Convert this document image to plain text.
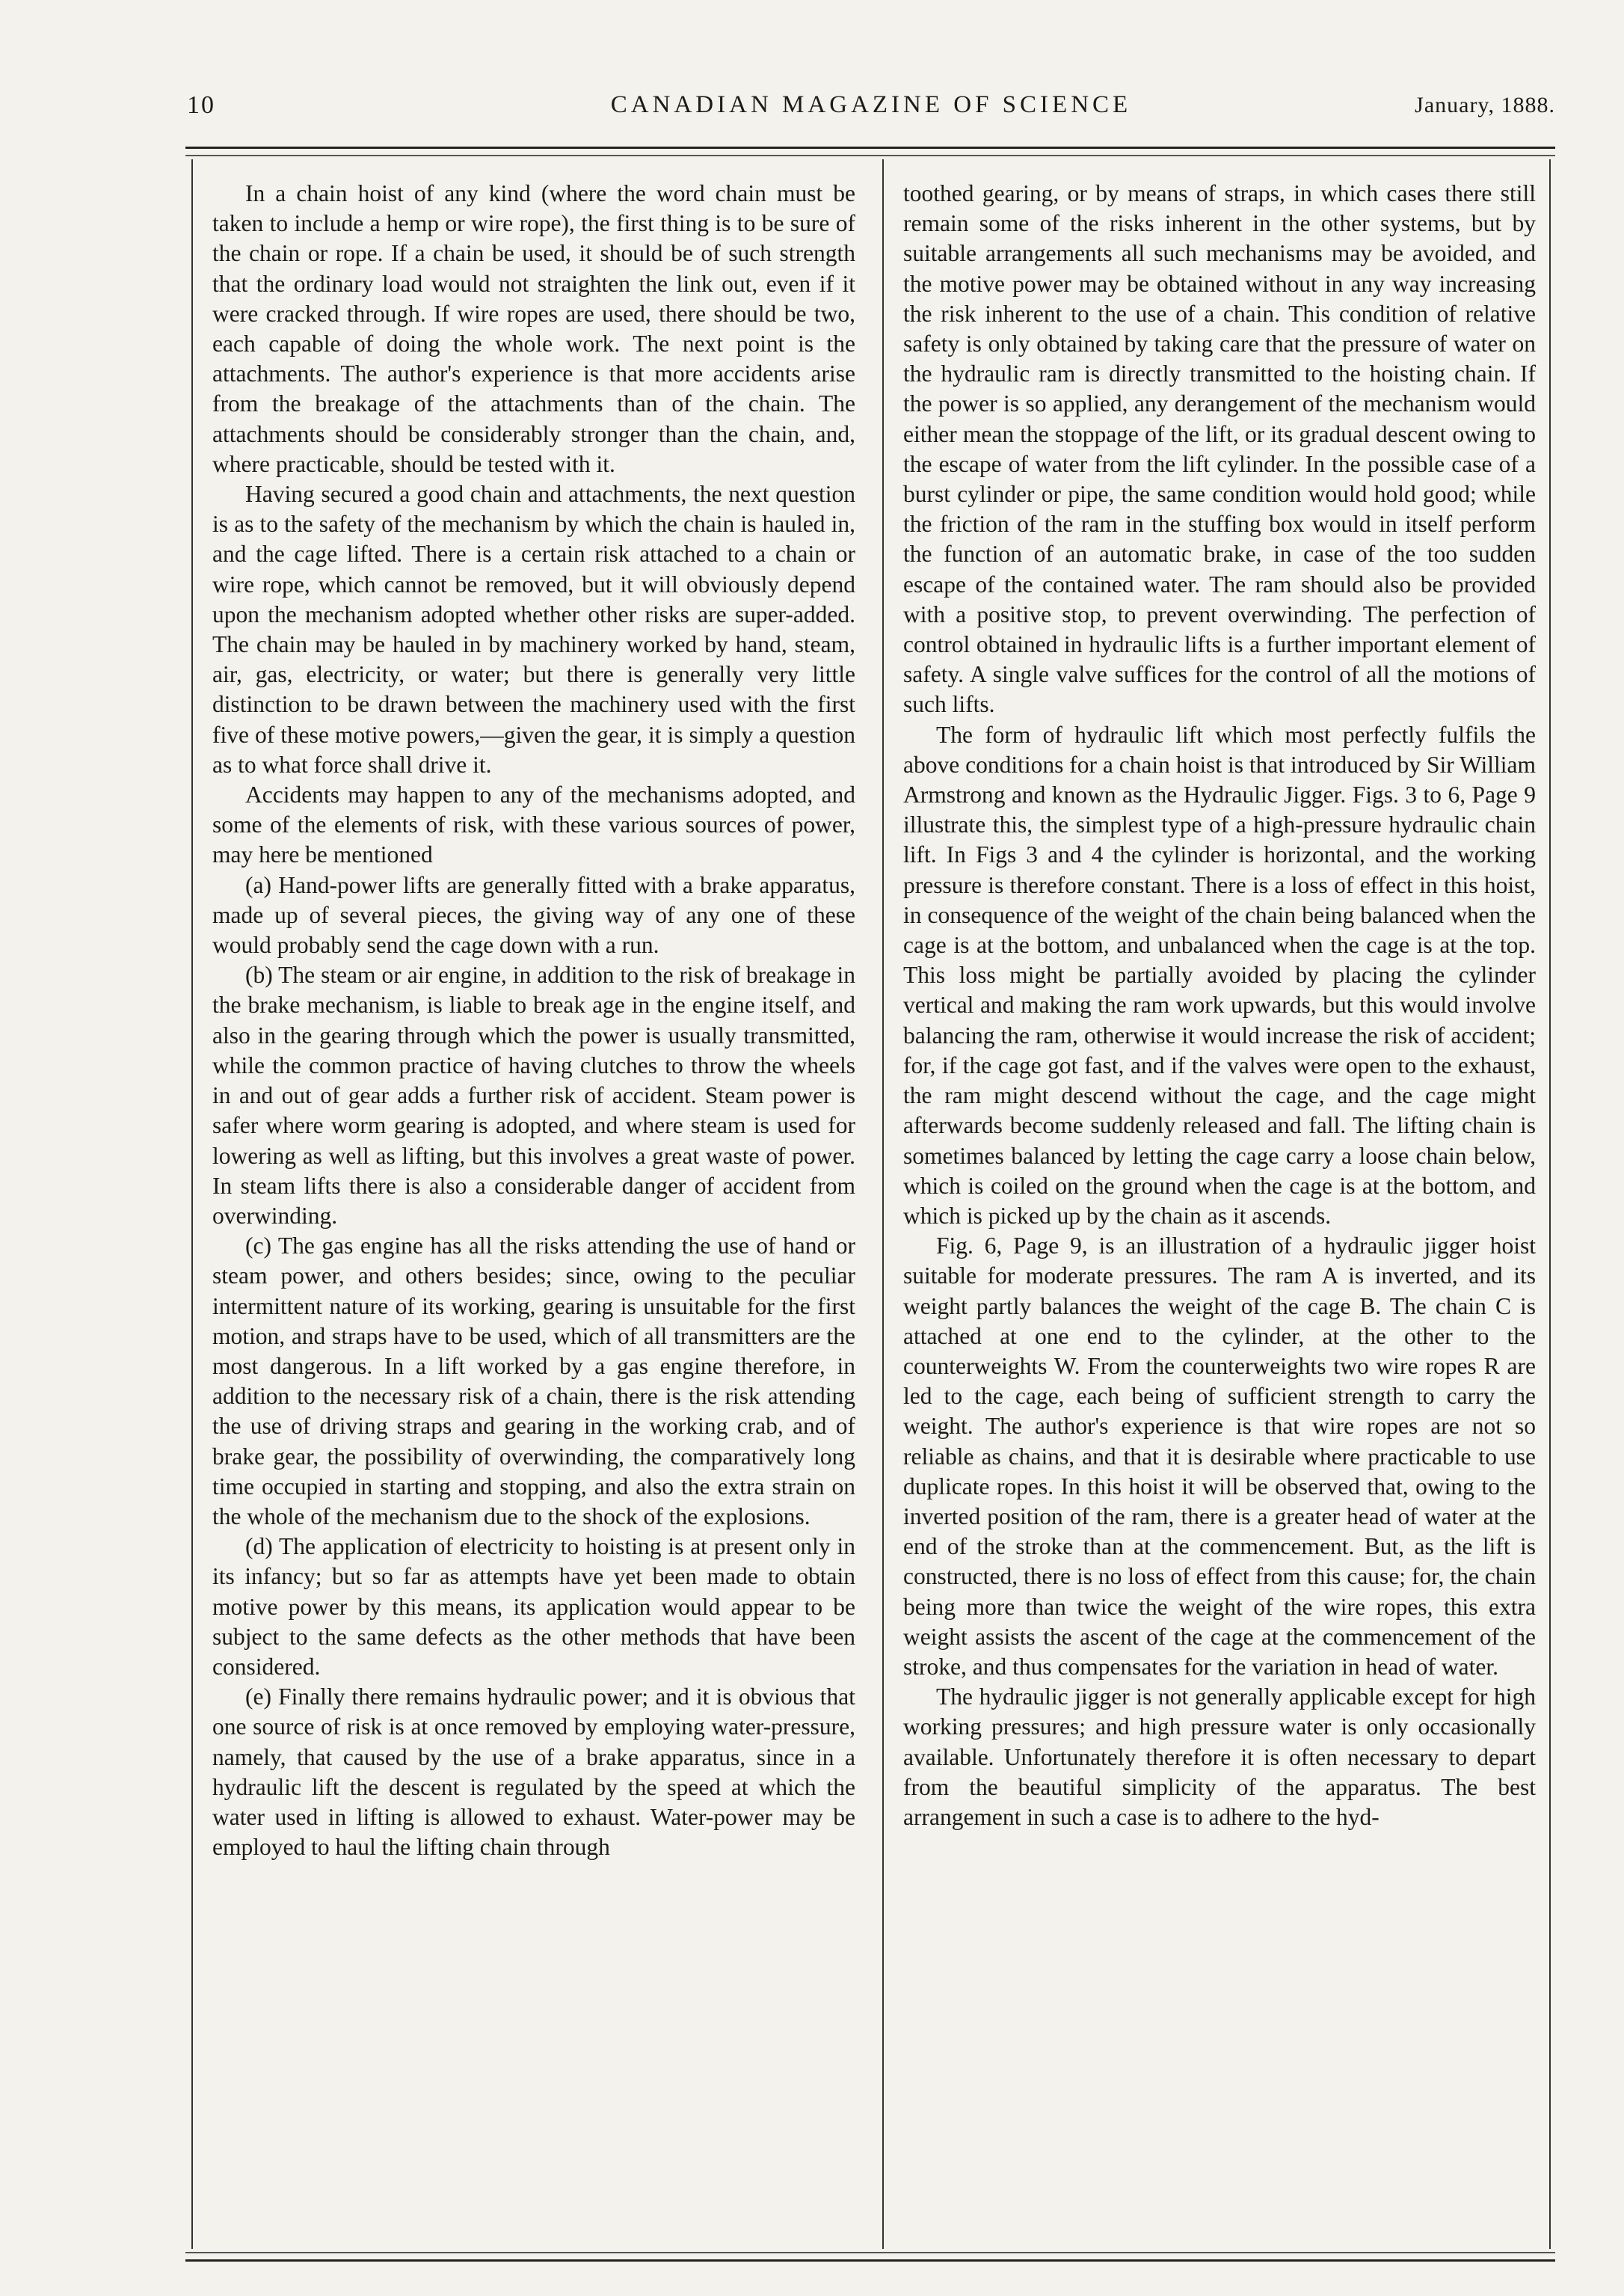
10	CANADIAN MAGAZINE OF SCIENCE	January, 1888.

In a chain hoist of any kind (where the word chain must be taken to include a hemp or wire rope), the first thing is to be sure of the chain or rope. If a chain be used, it should be of such strength that the ordinary load would not straighten the link out, even if it were cracked through. If wire ropes are used, there should be two, each capable of doing the whole work. The next point is the attachments. The author's experience is that more accidents arise from the breakage of the attachments than of the chain. The attachments should be considerably stronger than the chain, and, where practicable, should be tested with it.

Having secured a good chain and attachments, the next question is as to the safety of the mechanism by which the chain is hauled in, and the cage lifted. There is a certain risk attached to a chain or wire rope, which cannot be removed, but it will obviously depend upon the mechanism adopted whether other risks are super-added. The chain may be hauled in by machinery worked by hand, steam, air, gas, electricity, or water; but there is generally very little distinction to be drawn between the machinery used with the first five of these motive powers,—given the gear, it is simply a question as to what force shall drive it.

Accidents may happen to any of the mechanisms adopted, and some of the elements of risk, with these various sources of power, may here be mentioned

(a) Hand-power lifts are generally fitted with a brake apparatus, made up of several pieces, the giving way of any one of these would probably send the cage down with a run.

(b) The steam or air engine, in addition to the risk of breakage in the brake mechanism, is liable to break age in the engine itself, and also in the gearing through which the power is usually transmitted, while the common practice of having clutches to throw the wheels in and out of gear adds a further risk of accident. Steam power is safer where worm gearing is adopted, and where steam is used for lowering as well as lifting, but this involves a great waste of power. In steam lifts there is also a considerable danger of accident from overwinding.

(c) The gas engine has all the risks attending the use of hand or steam power, and others besides; since, owing to the peculiar intermittent nature of its working, gearing is unsuitable for the first motion, and straps have to be used, which of all transmitters are the most dangerous. In a lift worked by a gas engine therefore, in addition to the necessary risk of a chain, there is the risk attending the use of driving straps and gearing in the working crab, and of brake gear, the possibility of overwinding, the comparatively long time occupied in starting and stopping, and also the extra strain on the whole of the mechanism due to the shock of the explosions.

(d) The application of electricity to hoisting is at present only in its infancy; but so far as attempts have yet been made to obtain motive power by this means, its application would appear to be subject to the same defects as the other methods that have been considered.

(e) Finally there remains hydraulic power; and it is obvious that one source of risk is at once removed by employing water-pressure, namely, that caused by the use of a brake apparatus, since in a hydraulic lift the descent is regulated by the speed at which the water used in lifting is allowed to exhaust. Water-power may be employed to haul the lifting chain through

toothed gearing, or by means of straps, in which cases there still remain some of the risks inherent in the other systems, but by suitable arrangements all such mechanisms may be avoided, and the motive power may be obtained without in any way increasing the risk inherent to the use of a chain. This condition of relative safety is only obtained by taking care that the pressure of water on the hydraulic ram is directly transmitted to the hoisting chain. If the power is so applied, any derangement of the mechanism would either mean the stoppage of the lift, or its gradual descent owing to the escape of water from the lift cylinder. In the possible case of a burst cylinder or pipe, the same condition would hold good; while the friction of the ram in the stuffing box would in itself perform the function of an automatic brake, in case of the too sudden escape of the contained water. The ram should also be provided with a positive stop, to prevent overwinding. The perfection of control obtained in hydraulic lifts is a further important element of safety. A single valve suffices for the control of all the motions of such lifts.

The form of hydraulic lift which most perfectly fulfils the above conditions for a chain hoist is that introduced by Sir William Armstrong and known as the Hydraulic Jigger. Figs. 3 to 6, Page 9 illustrate this, the simplest type of a high-pressure hydraulic chain lift. In Figs 3 and 4 the cylinder is horizontal, and the working pressure is therefore constant. There is a loss of effect in this hoist, in consequence of the weight of the chain being balanced when the cage is at the bottom, and unbalanced when the cage is at the top. This loss might be partially avoided by placing the cylinder vertical and making the ram work upwards, but this would involve balancing the ram, otherwise it would increase the risk of accident; for, if the cage got fast, and if the valves were open to the exhaust, the ram might descend without the cage, and the cage might afterwards become suddenly released and fall. The lifting chain is sometimes balanced by letting the cage carry a loose chain below, which is coiled on the ground when the cage is at the bottom, and which is picked up by the chain as it ascends.

Fig. 6, Page 9, is an illustration of a hydraulic jigger hoist suitable for moderate pressures. The ram A is inverted, and its weight partly balances the weight of the cage B. The chain C is attached at one end to the cylinder, at the other to the counterweights W. From the counterweights two wire ropes R are led to the cage, each being of sufficient strength to carry the weight. The author's experience is that wire ropes are not so reliable as chains, and that it is desirable where practicable to use duplicate ropes. In this hoist it will be observed that, owing to the inverted position of the ram, there is a greater head of water at the end of the stroke than at the commencement. But, as the lift is constructed, there is no loss of effect from this cause; for, the chain being more than twice the weight of the wire ropes, this extra weight assists the ascent of the cage at the commencement of the stroke, and thus compensates for the variation in head of water.

The hydraulic jigger is not generally applicable except for high working pressures; and high pressure water is only occasionally available. Unfortunately therefore it is often necessary to depart from the beautiful simplicity of the apparatus. The best arrangement in such a case is to adhere to the hyd-
